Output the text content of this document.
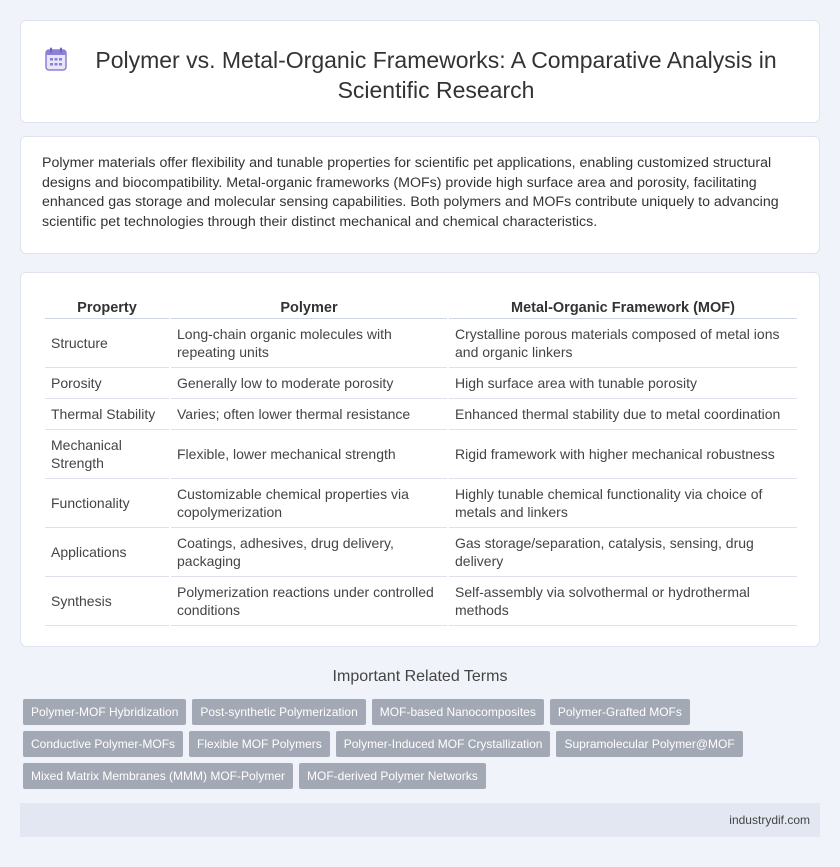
Polymer vs. Metal-Organic Frameworks: A Comparative Analysis in Scientific Research

Polymer materials offer flexibility and tunable properties for scientific pet applications, enabling customized structural designs and biocompatibility. Metal-organic frameworks (MOFs) provide high surface area and porosity, facilitating enhanced gas storage and molecular sensing capabilities. Both polymers and MOFs contribute uniquely to advancing scientific pet technologies through their distinct mechanical and chemical characteristics.

Property	Polymer	Metal-Organic Framework (MOF)
Structure	Long-chain organic molecules with repeating units	Crystalline porous materials composed of metal ions and organic linkers
Porosity	Generally low to moderate porosity	High surface area with tunable porosity
Thermal Stability	Varies; often lower thermal resistance	Enhanced thermal stability due to metal coordination
Mechanical Strength	Flexible, lower mechanical strength	Rigid framework with higher mechanical robustness
Functionality	Customizable chemical properties via copolymerization	Highly tunable chemical functionality via choice of metals and linkers
Applications	Coatings, adhesives, drug delivery, packaging	Gas storage/separation, catalysis, sensing, drug delivery
Synthesis	Polymerization reactions under controlled conditions	Self-assembly via solvothermal or hydrothermal methods
Important Related Terms
Polymer-MOF Hybridization	Post-synthetic Polymerization	MOF-based Nanocomposites	Polymer-Grafted MOFs
Conductive Polymer-MOFs	Flexible MOF Polymers	Polymer-Induced MOF Crystallization	Supramolecular Polymer@MOF
Mixed Matrix Membranes (MMM) MOF-Polymer	MOF-derived Polymer Networks
industrydif.com
